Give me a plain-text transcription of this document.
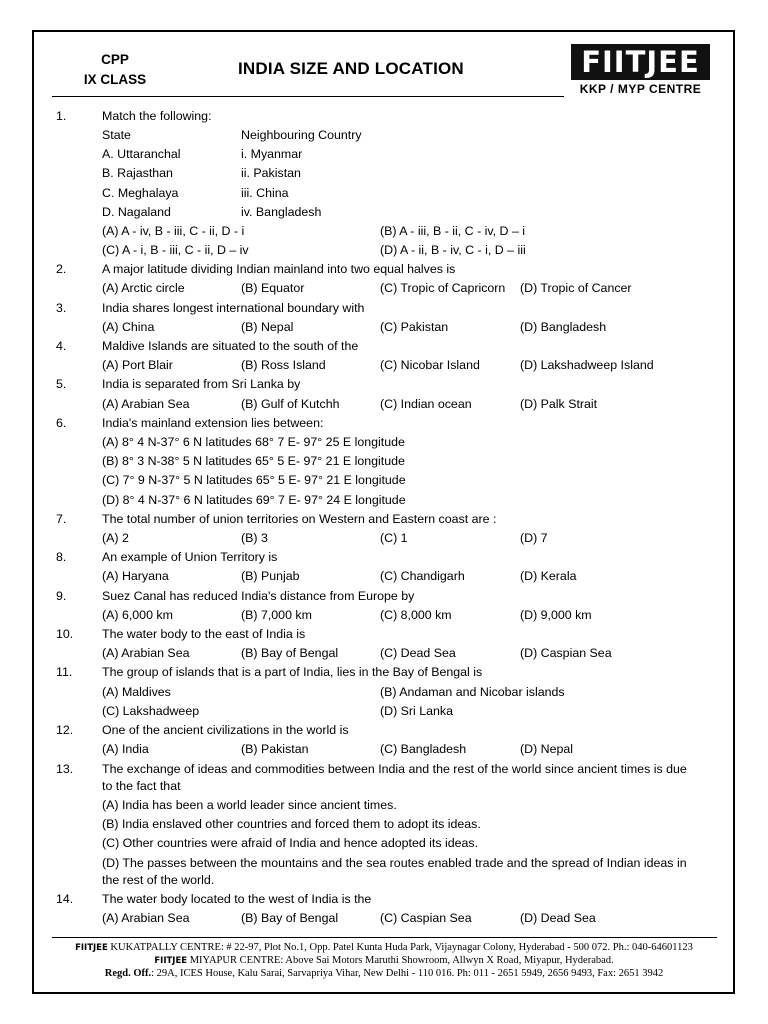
CPP
IX CLASS
INDIA SIZE AND LOCATION	FIITJEE
KKP / MYP CENTRE
1.	Match the following:
State	Neighbouring Country
A. Uttaranchal	i. Myanmar
B. Rajasthan	ii. Pakistan
C. Meghalaya	iii. China
D. Nagaland	iv. Bangladesh
(A) A - iv, B - iii, C - ii, D - i	(B) A - iii, B - ii, C - iv, D – i
(C) A - i, B - iii, C - ii, D – iv	(D) A - ii, B - iv, C - i, D – iii
2.	A major latitude dividing Indian mainland into two equal halves is
(A) Arctic circle	(B) Equator	(C) Tropic of Capricorn (D) Tropic of Cancer
3.	India shares longest international boundary with
(A) China	(B) Nepal	(C) Pakistan	(D) Bangladesh
4.	Maldive Islands are situated to the south of the
(A) Port Blair	(B) Ross Island	(C) Nicobar Island	(D) Lakshadweep Island
5.	India is separated from Sri Lanka by
(A) Arabian Sea	(B) Gulf of Kutchh	(C) Indian ocean	(D) Palk Strait
6.	India's mainland extension lies between:
(A) 8° 4 N-37° 6 N latitudes 68° 7 E- 97° 25 E longitude
(B) 8° 3 N-38° 5 N latitudes 65° 5 E- 97° 21 E longitude
(C) 7° 9 N-37° 5 N latitudes 65° 5 E- 97° 21 E longitude
(D) 8° 4 N-37° 6 N latitudes 69° 7 E- 97° 24 E longitude
7.	The total number of union territories on Western and Eastern coast are :
(A) 2	(B) 3	(C) 1	(D) 7
8.	An example of Union Territory is
(A) Haryana	(B) Punjab	(C) Chandigarh	(D) Kerala
9.	Suez Canal has reduced India's distance from Europe by
(A) 6,000 km	(B) 7,000 km	(C) 8,000 km	(D) 9,000 km
10. The water body to the east of India is
(A) Arabian Sea	(B) Bay of Bengal	(C) Dead Sea	(D) Caspian Sea
11. The group of islands that is a part of India, lies in the Bay of Bengal is
(A) Maldives	(B) Andaman and Nicobar islands
(C) Lakshadweep	(D) Sri Lanka
12. One of the ancient civilizations in the world is
(A) India	(B) Pakistan	(C) Bangladesh	(D) Nepal
13. The exchange of ideas and commodities between India and the rest of the world since ancient times is due
to the fact that
(A) India has been a world leader since ancient times.
(B) India enslaved other countries and forced them to adopt its ideas.
(C) Other countries were afraid of India and hence adopted its ideas.
(D) The passes between the mountains and the sea routes enabled trade and the spread of Indian ideas in
the rest of the world.
14. The water body located to the west of India is the
(A) Arabian Sea	(B) Bay of Bengal	(C) Caspian Sea	(D) Dead Sea
FIITJEE KUKATPALLY CENTRE: # 22-97, Plot No.1, Opp. Patel Kunta Huda Park, Vijaynagar Colony, Hyderabad - 500 072. Ph.: 040-64601123
FIITJEE MIYAPUR CENTRE: Above Sai Motors Maruthi Showroom, Allwyn X Road, Miyapur, Hyderabad.
Regd. Off.: 29A, ICES House, Kalu Sarai, Sarvapriya Vihar, New Delhi - 110 016. Ph: 011 - 2651 5949, 2656 9493, Fax: 2651 3942
